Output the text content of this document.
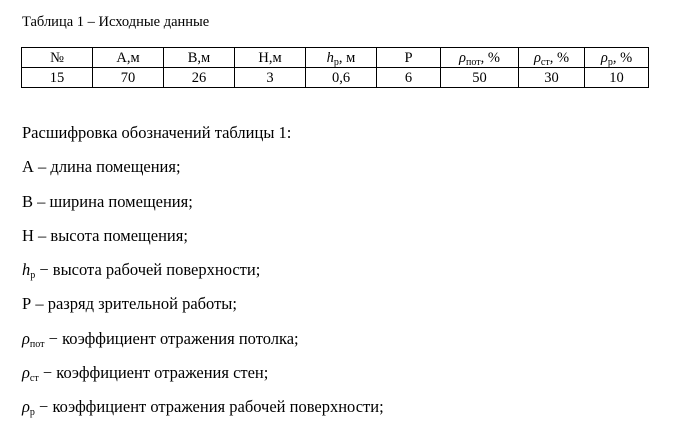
Таблица 1 – Исходные данные
№	А,м	В,м	Н,м	$h_р$, м	Р	$\rho_{пот}$, %	$\rho_{ст}$, %	$\rho_р$, %
15	70	26	3	0,6	6	50	30	10

Расшифровка обозначений таблицы 1:

А – длина помещения;

В – ширина помещения;

Н – высота помещения;

$h_р$ − высота рабочей поверхности;

Р – разряд зрительной работы;

$\rho_{пот}$ − коэффициент отражения потолка;

$\rho_{ст}$ − коэффициент отражения стен;

$\rho_р$ − коэффициент отражения рабочей поверхности;
